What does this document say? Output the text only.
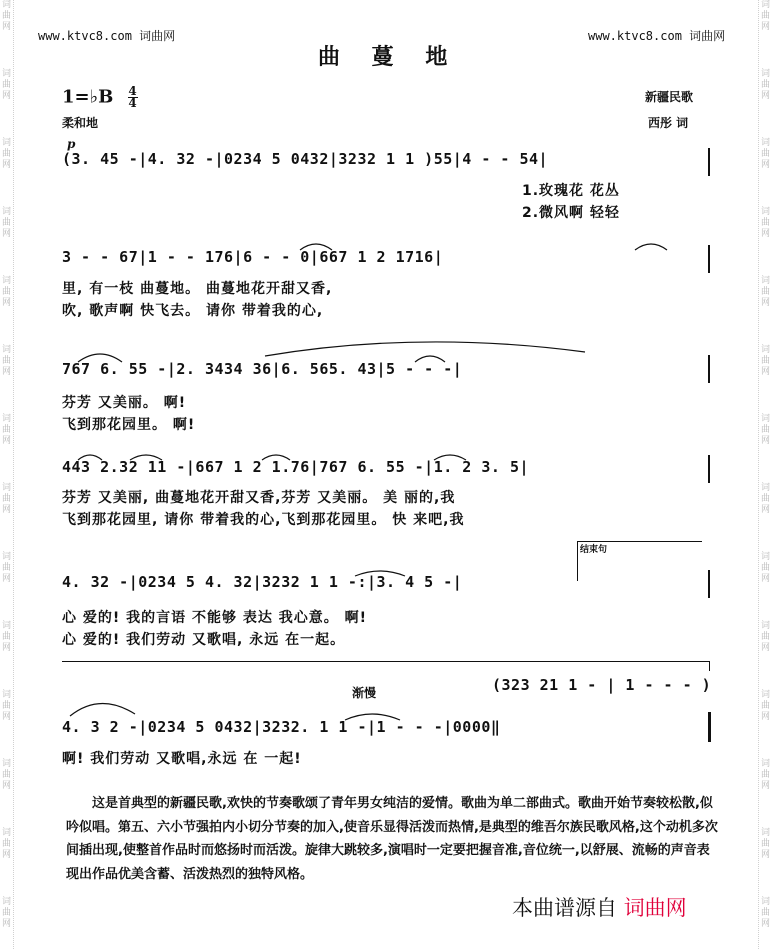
词曲网
词曲网
词曲网
词曲网
词曲网
词曲网
词曲网
词曲网
词曲网
词曲网
词曲网
词曲网
词曲网
词曲网
词曲网
词曲网
词曲网
词曲网
词曲网
词曲网
词曲网
词曲网
词曲网
词曲网
词曲网
词曲网
词曲网
词曲网
www.ktvc8.com 词曲网	www.ktvc8.com 词曲网
曲 蔓 地
1=♭B $\frac{4}{4}$
柔和地
新疆民歌
西彤 词
p
(3. 45 -|4. 32 -|0234 5 0432|3232 1 1 )55|4 - - 54|
1.玫瑰花 花丛
2.微风啊 轻轻
3 - - 67|1 - - 176|6 - - 0|667 1 2 1716|
里, 有一枝 曲蔓地。 曲蔓地花开甜又香,
吹, 歌声啊 快飞去。 请你 带着我的心,
767 6. 55 -|2. 3434 36|6. 565. 43|5 - - -|
芬芳 又美丽。 啊!
飞到那花园里。 啊!
443 2.32 11 -|667 1 2 1.76|767 6. 55 -|1. 2 3. 5|
芬芳 又美丽, 曲蔓地花开甜又香,芬芳 又美丽。 美 丽的,我
飞到那花园里, 请你 带着我的心,飞到那花园里。 快 来吧,我
结束句
4. 32 -|0234 5 4. 32|3232 1 1 -:|3. 4 5 -|
心 爱的! 我的言语 不能够 表达 我心意。 啊!
心 爱的! 我们劳动 又歌唱, 永远 在一起。
渐慢	(323 21 1 - | 1 - - - )
4. 3 2 -|0234 5 0432|3232. 1 1 -|1 - - -|0000‖
啊! 我们劳动 又歌唱,永远 在 一起!
这是首典型的新疆民歌,欢快的节奏歌颂了青年男女纯洁的爱情。歌曲为单二部曲式。歌曲开始节奏较松散,似吟似唱。第五、六小节强拍内小切分节奏的加入,使音乐显得活泼而热情,是典型的维吾尔族民歌风格,这个动机多次间插出现,使整首作品时而悠扬时而活泼。旋律大跳较多,演唱时一定要把握音准,音位统一,以舒展、流畅的声音表现出作品优美含蓄、活泼热烈的独特风格。
本曲谱源自 词曲网
